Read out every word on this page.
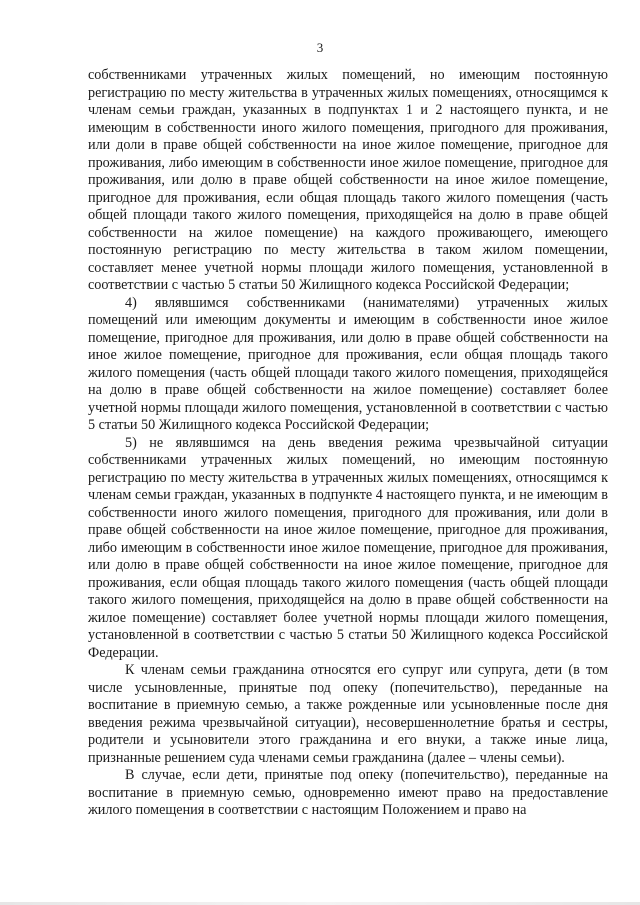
3

собственниками утраченных жилых помещений, но имеющим постоянную регистрацию по месту жительства в утраченных жилых помещениях, относящимся к членам семьи граждан, указанных в подпунктах 1 и 2 настоящего пункта, и не имеющим в собственности иного жилого помещения, пригодного для проживания, или доли в праве общей собственности на иное жилое помещение, пригодное для проживания, либо имеющим в собственности иное жилое помещение, пригодное для проживания, или долю в праве общей собственности на иное жилое помещение, пригодное для проживания, если общая площадь такого жилого помещения (часть общей площади такого жилого помещения, приходящейся на долю в праве общей собственности на жилое помещение) на каждого проживающего, имеющего постоянную регистрацию по месту жительства в таком жилом помещении, составляет менее учетной нормы площади жилого помещения, установленной в соответствии с частью 5 статьи 50 Жилищного кодекса Российской Федерации;

4) являвшимся собственниками (нанимателями) утраченных жилых помещений или имеющим документы и имеющим в собственности иное жилое помещение, пригодное для проживания, или долю в праве общей собственности на иное жилое помещение, пригодное для проживания, если общая площадь такого жилого помещения (часть общей площади такого жилого помещения, приходящейся на долю в праве общей собственности на жилое помещение) составляет более учетной нормы площади жилого помещения, установленной в соответствии с частью 5 статьи 50 Жилищного кодекса Российской Федерации;

5) не являвшимся на день введения режима чрезвычайной ситуации собственниками утраченных жилых помещений, но имеющим постоянную регистрацию по месту жительства в утраченных жилых помещениях, относящимся к членам семьи граждан, указанных в подпункте 4 настоящего пункта, и не имеющим в собственности иного жилого помещения, пригодного для проживания, или доли в праве общей собственности на иное жилое помещение, пригодное для проживания, либо имеющим в собственности иное жилое помещение, пригодное для проживания, или долю в праве общей собственности на иное жилое помещение, пригодное для проживания, если общая площадь такого жилого помещения (часть общей площади такого жилого помещения, приходящейся на долю в праве общей собственности на жилое помещение) составляет более учетной нормы площади жилого помещения, установленной в соответствии с частью 5 статьи 50 Жилищного кодекса Российской Федерации.

К членам семьи гражданина относятся его супруг или супруга, дети (в том числе усыновленные, принятые под опеку (попечительство), переданные на воспитание в приемную семью, а также рожденные или усыновленные после дня введения режима чрезвычайной ситуации), несовершеннолетние братья и сестры, родители и усыновители этого гражданина и его внуки, а также иные лица, признанные решением суда членами семьи гражданина (далее – члены семьи).

В случае, если дети, принятые под опеку (попечительство), переданные на воспитание в приемную семью, одновременно имеют право на предоставление жилого помещения в соответствии с настоящим Положением и право на
